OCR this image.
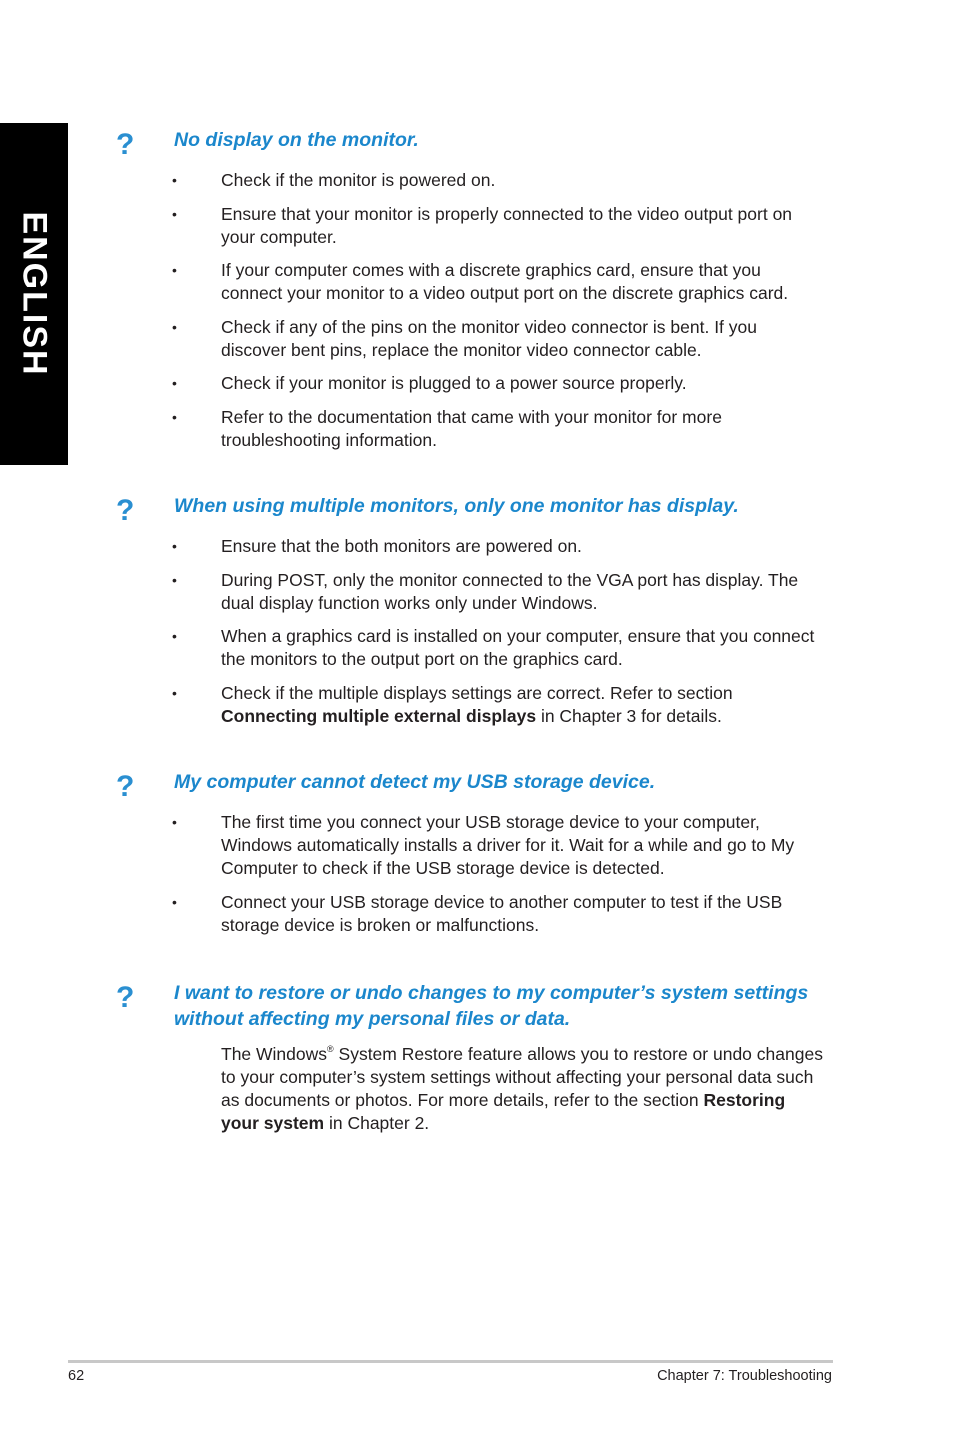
ENGLISH
? No display on the monitor.
•	Check if the monitor is powered on.
•	Ensure that your monitor is properly connected to the video output port on your computer.
•	If your computer comes with a discrete graphics card, ensure that you connect your monitor to a video output port on the discrete graphics card.
•	Check if any of the pins on the monitor video connector is bent. If you discover bent pins, replace the monitor video connector cable.
•	Check if your monitor is plugged to a power source properly.
•	Refer to the documentation that came with your monitor for more troubleshooting information.
? When using multiple monitors, only one monitor has display.
•	Ensure that the both monitors are powered on.
•	During POST, only the monitor connected to the VGA port has display. The dual display function works only under Windows.
•	When a graphics card is installed on your computer, ensure that you connect the monitors to the output port on the graphics card.
•	Check if the multiple displays settings are correct. Refer to section Connecting multiple external displays in Chapter 3 for details.
? My computer cannot detect my USB storage device.
•	The first time you connect your USB storage device to your computer, Windows automatically installs a driver for it. Wait for a while and go to My Computer to check if the USB storage device is detected.
•	Connect your USB storage device to another computer to test if the USB storage device is broken or malfunctions.
? I want to restore or undo changes to my computer’s system settings without affecting my personal files or data.

The Windows® System Restore feature allows you to restore or undo changes to your computer’s system settings without affecting your personal data such as documents or photos. For more details, refer to the section Restoring your system in Chapter 2.

62	Chapter 7: Troubleshooting
